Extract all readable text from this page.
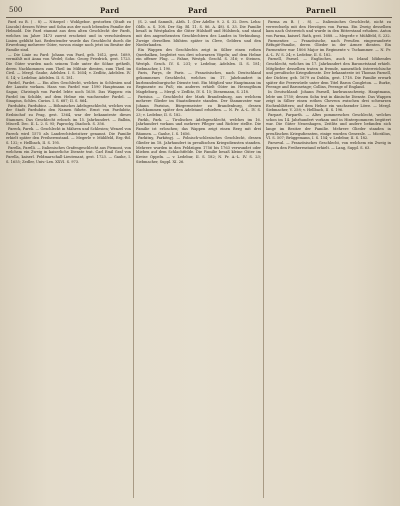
500	Pard	Pard	Parnell

Pard zu B. ( . 8) — Nitzepel : Wohlgebor. gestorben (Stadt zu Lincoln) dessen Witwe und Sohn aus der noch lebenden Familie der Helmold. Die Pard stammt aus dem alten Geschlecht der Pardt, welches im Jahre 1473 zuerst erscheint und in verschiedenen Linien geblüht hat. Bedeutender wurde das Geschlecht durch die Erwerbung mehrerer Güter, wovon einige noch jetzt im Besitze der Familie sind.

— Die Linie zu Pard: Johann von Pard, geb. 1612, gest. 1689, vermählt mit Anna von Wedel; Sohn: Georg Friedrich, gest. 1723. Die Güter wurden nach seinem Tode unter die Söhne getheilt, deren Nachkommen zum Theil im Militair dienten, zum Theil im Civil. — Mergl. Gauhe, Adelslex. I. S. 1654; v. Zedlitz, Adelslex. IV. S. 14; v. Ledebur, Adelslex. II. S. 181.

Pardel, Pardet. — Ein altes Geschlecht, welches in Schlesien und der Lausitz vorkam. Hans von Pardel war 1590 Hauptmann zu Sagan; Christoph von Pardel lebte noch 1630. Das Wappen: ein Pardel im Schilde, auf dem Helme ein wachsender Pardel. — Sinapius, Schles. Curios. I. S. 687; II. S. 864.

Pardubitz, Pardubicz. — Böhmisches Adelsgeschlecht, welches von der Stadt Pardubitz den Namen führte. Ernst von Pardubitz, Erzbischof zu Prag, gest. 1364, war der bekannteste dieses Stammes. Das Geschlecht erlosch im 15. Jahrhundert. — Balbin, Miscell. Dec. II. L. 2. S. 95; Paprocky, Diadoch. S. 356.

Pareck, Parek. — Geschlecht in Mähren und Schlesien; Wenzel von Pareck wird 1575 als Landrechtsbeisitzer genannt. Die Familie erhielt später den Freiherrnstand. — Megerle v. Mühlfeld, Erg.-Bd. S. 132; v. Hellbach, II. S. 195.

Parella, Parelli. — Italienisches Grafengeschlecht aus Piemont, von welchem ein Zweig in kaiserliche Dienste trat. Carl Emil Graf von Parella, kaiserl. Feldmarschall-Lieutenant, gest. 1723. — Gauhe, I. S. 1655; Zedler, Univ.-Lex. XXVI. S. 973.

(S. 2. und Sammlt., Abth. 1. (Der Adelbr. 9. 2. S. 32. Ders. Lehn: Oldb. a. S. 108. Der Sig. Bl. 11. S. 86. A. 48). S. 33. Die Familie besaß in Westphalen die Güter Hülshoff und Hülsbeck, und stand mit den angesehensten Geschlechtern des Landes in Verbindung. Zweige derselben blühten später in Cleve, Geldern und den Niederlanden.

Ein Wappen des Geschlechts zeigt in Silber einen rothen Querbalken, begleitet von drei schwarzen Vögeln; auf dem Helme ein offener Flug. — Fahne, Westph. Geschl. S. 316; v. Steinen, Westph. Gesch. IV. S. 231; v. Ledebur, Adelslex. II. S. 181; Siebmacher, I. 190.

Paris, Parys, de Paris. — Französisches, nach Deutschland gekommenes Geschlecht, welches im 17. Jahrhundert in kurbrandenburgische Dienste trat. Ein Mitglied war Hauptmann im Regimente zu Fuß; ein anderes erhielt Güter im Herzogthum Magdeburg. — Mergl. v. Zedlitz, IV. S. 15; Dienemann, S. 218.

Parisius. — Geschlecht der Mark Brandenburg, aus welchem mehrere Glieder im Staatsdienste standen. Der Stammvater war Johann Parisius, Bürgermeister zu Brandenburg, dessen Nachkommen später den Adelstand erhielten. — N. Pr. A.-L. IV. S. 23; v. Ledebur, II. S. 182.

Parkh, Park. — Tirolisches Adelsgeschlecht, welches im 16. Jahrhundert vorkam und mehrere Pfleger und Richter stellte. Die Familie ist erloschen; das Wappen zeigt einen Berg mit drei Bäumen. — Gauhe, I. S. 1656.

Parkitny, Parkitnyj. — Polnisch-schlesisches Geschlecht, dessen Glieder im 18. Jahrhundert in preußischen Kriegsdiensten standen. Mehrere wurden in den Feldzügen 1756 bis 1763 verwundet oder blieben auf dem Schlachtfelde. Die Familie besaß kleine Güter im Kreise Oppeln. — v. Ledebur, II. S. 182; N. Pr. A.-L. IV. S. 23; Siebmacher, Suppl. XI. 26.

Parma zu B. ( . 8). — Italienisches Geschlecht, nicht zu verwechseln mit den Herzögen von Parma. Ein Zweig desselben kam nach Österreich und wurde in den Ritterstand erhoben. Anton von Parma, kaiserl. Rath, gest. 1688. — Megerle v. Mühlfeld, S. 232.

Parmentier. — Französische, nach Preußen eingewanderte Réfugié-Familie, deren Glieder in der Armee dienten. Ein Parmentier war 1806 Major im Regimente v. Tschammer. — N. Pr. A.-L. IV. S. 24; v. Ledebur, II. S. 182.

Parnell, Parnel. — Englisches, auch in Irland blühendes Geschlecht, welches im 17. Jahrhundert den Baronetstand erhielt. Mitglieder desselben traten in fremde, namentlich österreichische und preußische Kriegsdienste. Der bekannteste ist Thomas Parnell, der Dichter, geb. 1679 zu Dublin, gest. 1718. Die Familie erwarb später die Peerswürde unter dem Titel Baron Congleton. — Burke, Peerage and Baronetage; Collins, Peerage of England.

In Deutschland: Johann Parnell, kurbraunschweig. Hauptmann, lebte um 1750; dessen Sohn trat in dänische Dienste. Das Wappen zeigt in Silber einen rothen Chevron zwischen drei schwarzen Eschenblättern; auf dem Helme ein wachsender Löwe. — Mergl. Siebmacher, V. 258; v. Hellbach, II. S. 196.

Parpart, Parparth. — Altes pommersches Geschlecht, welches schon im 14. Jahrhundert vorkam und in Hinterpommern begütert war. Die Güter Neuenhagen, Zeitlitz und andere befanden sich lange im Besitze der Familie. Mehrere Glieder standen in preußischen Kriegsdiensten, einige wurden Generale. — Micrälius, VI. S. 507; Brüggemann, I. S. 154; v. Ledebur, II. S. 182.

Parseval. — Französisches Geschlecht, von welchem ein Zweig in Bayern den Freiherrnstand erhielt. — Lang, Suppl. S. 63.
